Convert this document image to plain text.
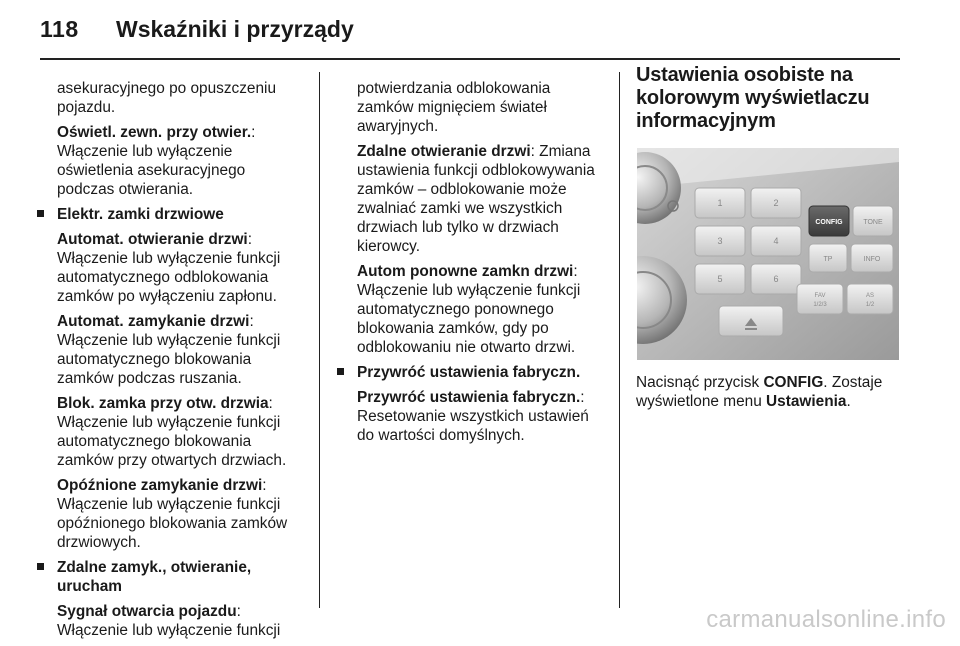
118 Wskaźniki i przyrządy

asekuracyjnego po opuszczeniu pojazdu.

Oświetl. zewn. przy otwier.:
Włączenie lub wyłączenie oświetlenia asekuracyjnego podczas otwierania.

Elektr. zamki drzwiowe

Automat. otwieranie drzwi:
Włączenie lub wyłączenie funkcji automatycznego odblokowania zamków po wyłączeniu zapłonu.

Automat. zamykanie drzwi:
Włączenie lub wyłączenie funkcji automatycznego blokowania zamków podczas ruszania.

Blok. zamka przy otw. drzwia:
Włączenie lub wyłączenie funkcji automatycznego blokowania zamków przy otwartych drzwiach.

Opóźnione zamykanie drzwi:
Włączenie lub wyłączenie funkcji opóźnionego blokowania zamków drzwiowych.

Zdalne zamyk., otwieranie, urucham

Sygnał otwarcia pojazdu:
Włączenie lub wyłączenie funkcji

potwierdzania odblokowania zamków mignięciem świateł awaryjnych.

Zdalne otwieranie drzwi: Zmiana ustawienia funkcji odblokowywania zamków – odblokowanie może zwalniać zamki we wszystkich drzwiach lub tylko w drzwiach kierowcy.

Autom ponowne zamkn drzwi:
Włączenie lub wyłączenie funkcji automatycznego ponownego blokowania zamków, gdy po odblokowaniu nie otwarto drzwi.

Przywróć ustawienia fabryczn.

Przywróć ustawienia fabryczn.:
Resetowanie wszystkich ustawień do wartości domyślnych.

Ustawienia osobiste na kolorowym wyświetlaczu informacyjnym
1	2
3	4
5	6
TP	INFO
CONFIG	TONE
FAV
1/2/3
AS
1/2
Nacisnąć przycisk CONFIG. Zostaje wyświetlone menu Ustawienia.
carmanualsonline.info
